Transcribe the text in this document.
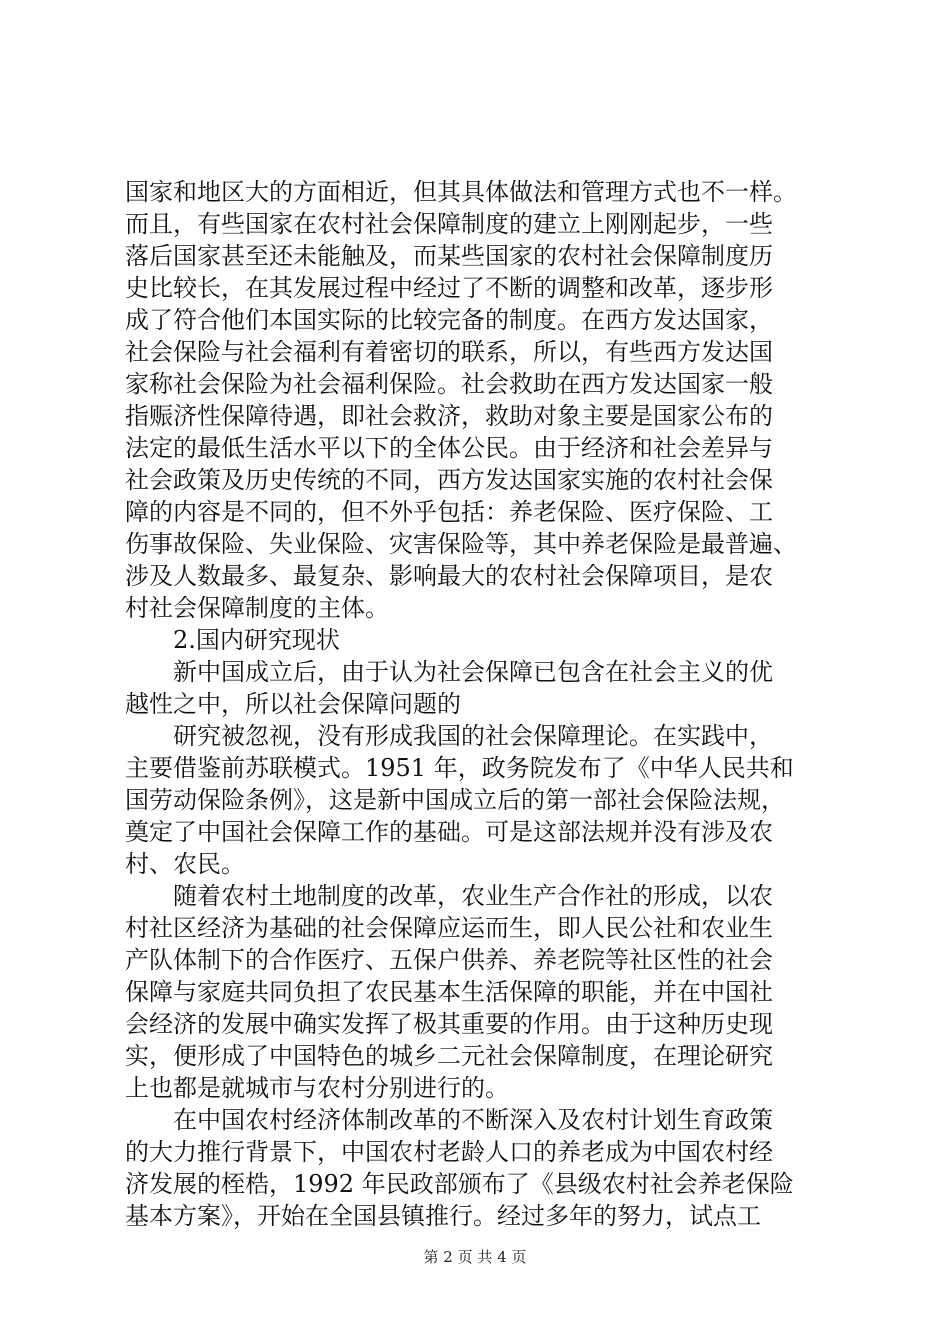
国家和地区大的方面相近，但其具体做法和管理方式也不一样。
而且，有些国家在农村社会保障制度的建立上刚刚起步，一些
落后国家甚至还未能触及，而某些国家的农村社会保障制度历
史比较长，在其发展过程中经过了不断的调整和改革，逐步形
成了符合他们本国实际的比较完备的制度。在西方发达国家，
社会保险与社会福利有着密切的联系，所以，有些西方发达国
家称社会保险为社会福利保险。社会救助在西方发达国家一般
指赈济性保障待遇，即社会救济，救助对象主要是国家公布的
法定的最低生活水平以下的全体公民。由于经济和社会差异与
社会政策及历史传统的不同，西方发达国家实施的农村社会保
障的内容是不同的，但不外乎包括：养老保险、医疗保险、工
伤事故保险、失业保险、灾害保险等，其中养老保险是最普遍、
涉及人数最多、最复杂、影响最大的农村社会保障项目，是农
村社会保障制度的主体。
2.国内研究现状
新中国成立后，由于认为社会保障已包含在社会主义的优
越性之中，所以社会保障问题的
研究被忽视，没有形成我国的社会保障理论。在实践中，
主要借鉴前苏联模式。1951 年，政务院发布了《中华人民共和
国劳动保险条例》，这是新中国成立后的第一部社会保险法规，
奠定了中国社会保障工作的基础。可是这部法规并没有涉及农
村、农民。
随着农村土地制度的改革，农业生产合作社的形成，以农
村社区经济为基础的社会保障应运而生，即人民公社和农业生
产队体制下的合作医疗、五保户供养、养老院等社区性的社会
保障与家庭共同负担了农民基本生活保障的职能，并在中国社
会经济的发展中确实发挥了极其重要的作用。由于这种历史现
实，便形成了中国特色的城乡二元社会保障制度，在理论研究
上也都是就城市与农村分别进行的。
在中国农村经济体制改革的不断深入及农村计划生育政策
的大力推行背景下，中国农村老龄人口的养老成为中国农村经
济发展的桎梏，1992 年民政部颁布了《县级农村社会养老保险
基本方案》，开始在全国县镇推行。经过多年的努力，试点工
第 2 页 共 4 页
